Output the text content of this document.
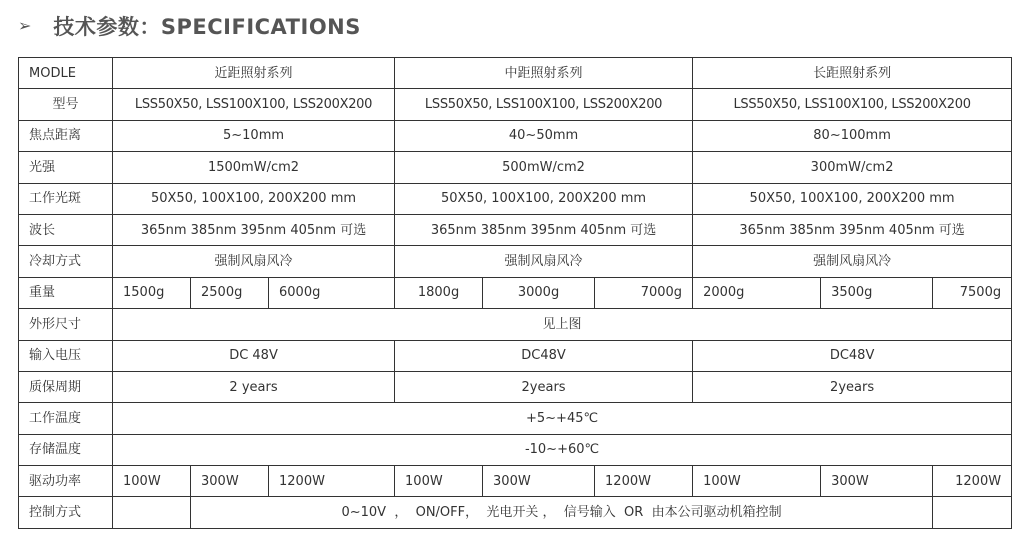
➢ 技术参数：SPECIFICATIONS
MODLE	近距照射系列			中距照射系列			长距照射系列		
型号	LSS50X50, LSS100X100, LSS200X200			LSS50X50, LSS100X100, LSS200X200			LSS50X50, LSS100X100, LSS200X200		
焦点距离	5~10mm			40~50mm			80~100mm		
光强	1500mW/cm2			500mW/cm2			300mW/cm2		
工作光斑	50X50, 100X100, 200X200 mm			50X50, 100X100, 200X200 mm			50X50, 100X100, 200X200 mm		
波长	365nm 385nm 395nm 405nm 可选			365nm 385nm 395nm 405nm 可选			365nm 385nm 395nm 405nm 可选		
冷却方式	强制风扇风冷			强制风扇风冷			强制风扇风冷		
重量	1500g	2500g	6000g	1800g	3000g	7000g	2000g	3500g	7500g
外形尺寸	见上图								
输入电压	DC 48V			DC48V			DC48V		
质保周期	2 years			2years			2years		
工作温度	+5~+45℃								
存储温度	-10~+60℃								
驱动功率	100W	300W	1200W	100W	300W	1200W	100W	300W	1200W
控制方式		0~10V  ，  ON/OFF，  光电开关 ，  信号输入  OR  由本公司驱动机箱控制							
